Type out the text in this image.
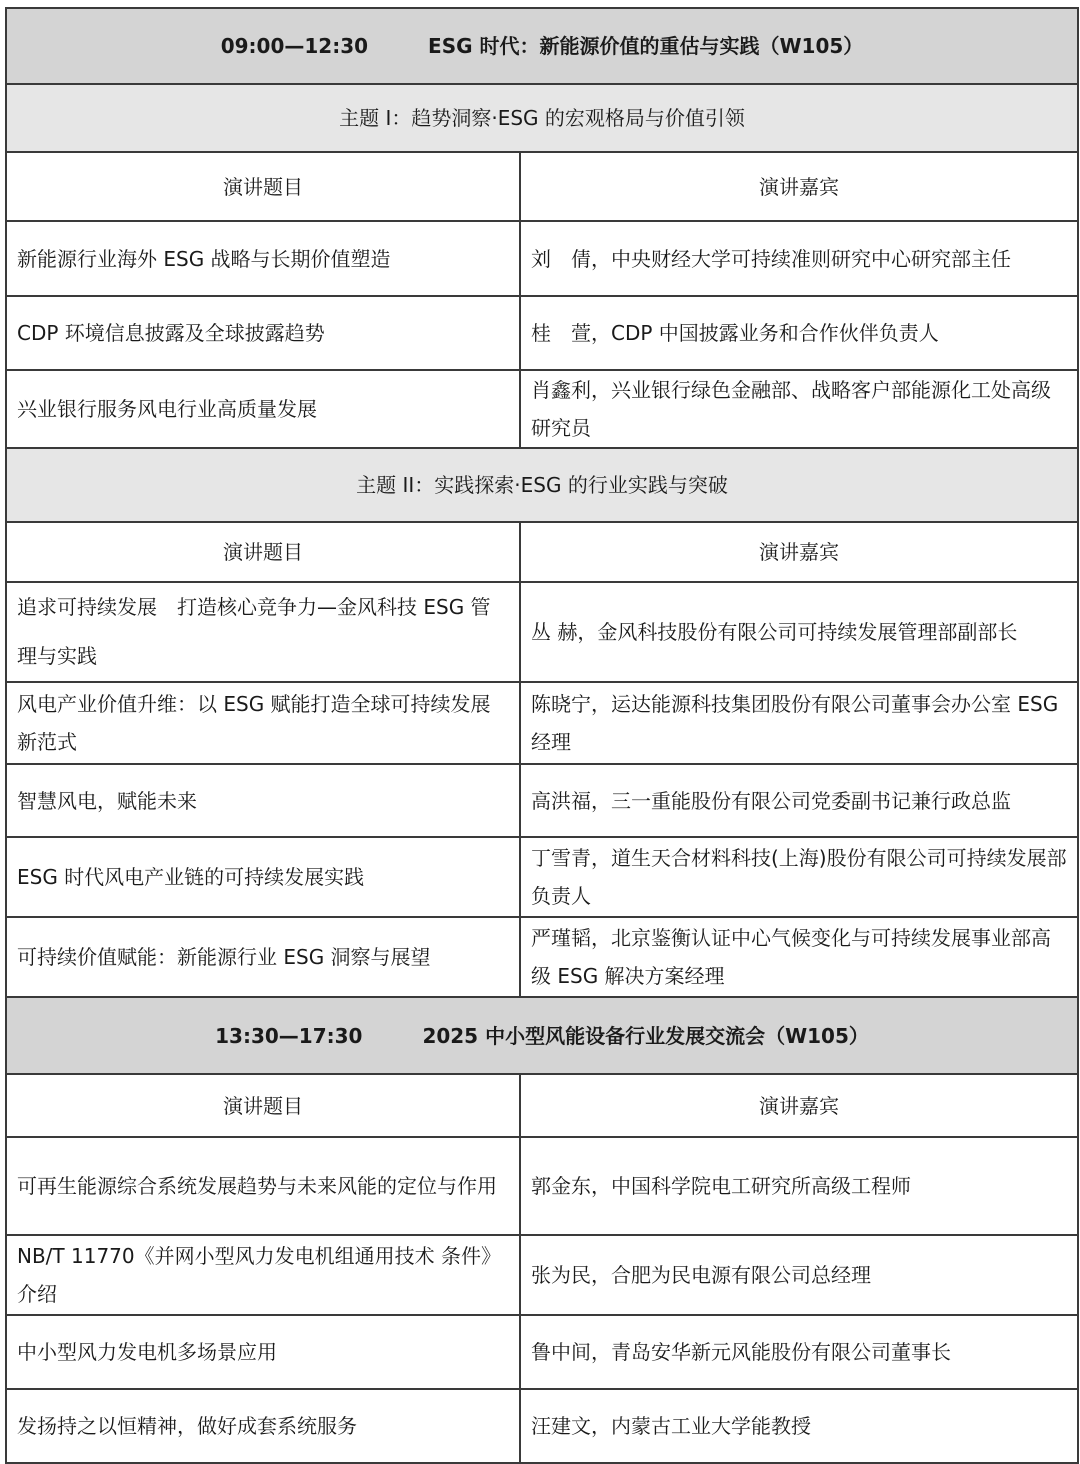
09:00—12:30 ESG 时代：新能源价值的重估与实践（W105）	
主题 I：趋势洞察·ESG 的宏观格局与价值引领	
演讲题目	演讲嘉宾
新能源行业海外 ESG 战略与长期价值塑造	刘　倩，中央财经大学可持续准则研究中心研究部主任
CDP 环境信息披露及全球披露趋势	桂　萱，CDP 中国披露业务和合作伙伴负责人
兴业银行服务风电行业高质量发展	肖鑫利，兴业银行绿色金融部、战略客户部能源化工处高级研究员
主题 II：实践探索·ESG 的行业实践与突破	
演讲题目	演讲嘉宾
追求可持续发展　打造核心竞争力—金风科技 ESG 管理与实践	丛 赫，金风科技股份有限公司可持续发展管理部副部长
风电产业价值升维：以 ESG 赋能打造全球可持续发展新范式	陈晓宁，运达能源科技集团股份有限公司董事会办公室 ESG 经理
智慧风电，赋能未来	高洪福，三一重能股份有限公司党委副书记兼行政总监
ESG 时代风电产业链的可持续发展实践	丁雪青，道生天合材料科技(上海)股份有限公司可持续发展部负责人
可持续价值赋能：新能源行业 ESG 洞察与展望	严瑾韬，北京鉴衡认证中心气候变化与可持续发展事业部高级 ESG 解决方案经理
13:30—17:30 2025 中小型风能设备行业发展交流会（W105）	
演讲题目	演讲嘉宾
可再生能源综合系统发展趋势与未来风能的定位与作用	郭金东，中国科学院电工研究所高级工程师
NB/T 11770《并网小型风力发电机组通用技术 条件》介绍	张为民，合肥为民电源有限公司总经理
中小型风力发电机多场景应用	鲁中间，青岛安华新元风能股份有限公司董事长
发扬持之以恒精神，做好成套系统服务	汪建文，内蒙古工业大学能教授
